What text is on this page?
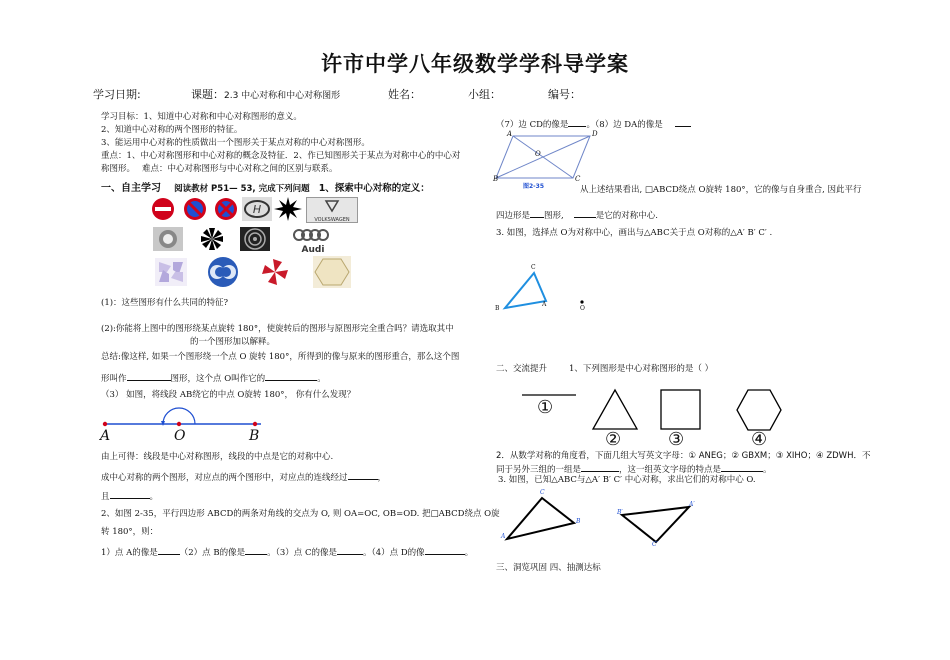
许市中学八年级数学学科导学案
学习日期:	课题：2.3 中心对称和中心对称图形	姓名：	小组：	编号：
学习目标：1、知道中心对称和中心对称图形的意义。
2、知道中心对称的两个图形的特征。
3、能运用中心对称的性质做出一个图形关于某点对称的中心对称图形。
重点：1、中心对称图形和中心对称的概念及特征．2、作已知图形关于某点为对称中心的中心对
称图形。　 难点：中心对称图形与中心对称之间的区别与联系。
一、自主学习 阅读教材 P51— 53, 完成下列问题 1、探索中心对称的定义：
H
VOLKSWAGEN
Audi
(1)：这些图形有什么共同的特征?
(2):你能将上图中的图形绕某点旋转 180°，使旋转后的图形与原图形完全重合吗？请选取其中
的一个图形加以解释。
总结:像这样, 如果一个图形绕一个点 O 旋转 180°，所得到的像与原来的图形重合，那么这个图
形叫作	图形，这个点 O叫作它的	。
（3） 如图，将线段 AB绕它的中点 O旋转 180°， 你有什么发现？
A	O	B
由上可得：线段是中心对称图形，线段的中点是它的对称中心.
成中心对称的两个图形，对应点的两个图形中，对应点的连线经过	，
且	。
2、如图 2-35，平行四边形 ABCD的两条对角线的交点为 O, 则 OA=OC, OB=OD. 把□ABCD绕点 O旋
转 180°，则：
1）点 A的像是	（2）点 B的像是	。（3）点 C的像是	。（4）点 D的像	。
（7）边 CD的像是 。（8）边 DA的像是
A	D
O
B	C
图2-35	从上述结果看出, □ABCD绕点 O旋转 180°，它的像与自身重合, 因此平行
四边形是 图形,	是它的对称中心.
3. 如图，选择点 O为对称中心，画出与△ABC关于点 O对称的△A′ B′ C′ .
C
B
A
O
二、交流提升	1、下列图形是中心对称图形的是（ ）
①
②	③	④
2．从数学对称的角度看，下面几组大写英文字母：① ANEG；② GBXM；③ XIHO；④ ZDWH．不
同于另外三组的一组是	，这一组英文字母的特点是	。
3. 如图，已知△ABC与△A′ B′ C′ 中心对称，求出它们的对称中心 O.
C
B
A
B′
A′
C′
三、洞览巩固 四、抽测达标
